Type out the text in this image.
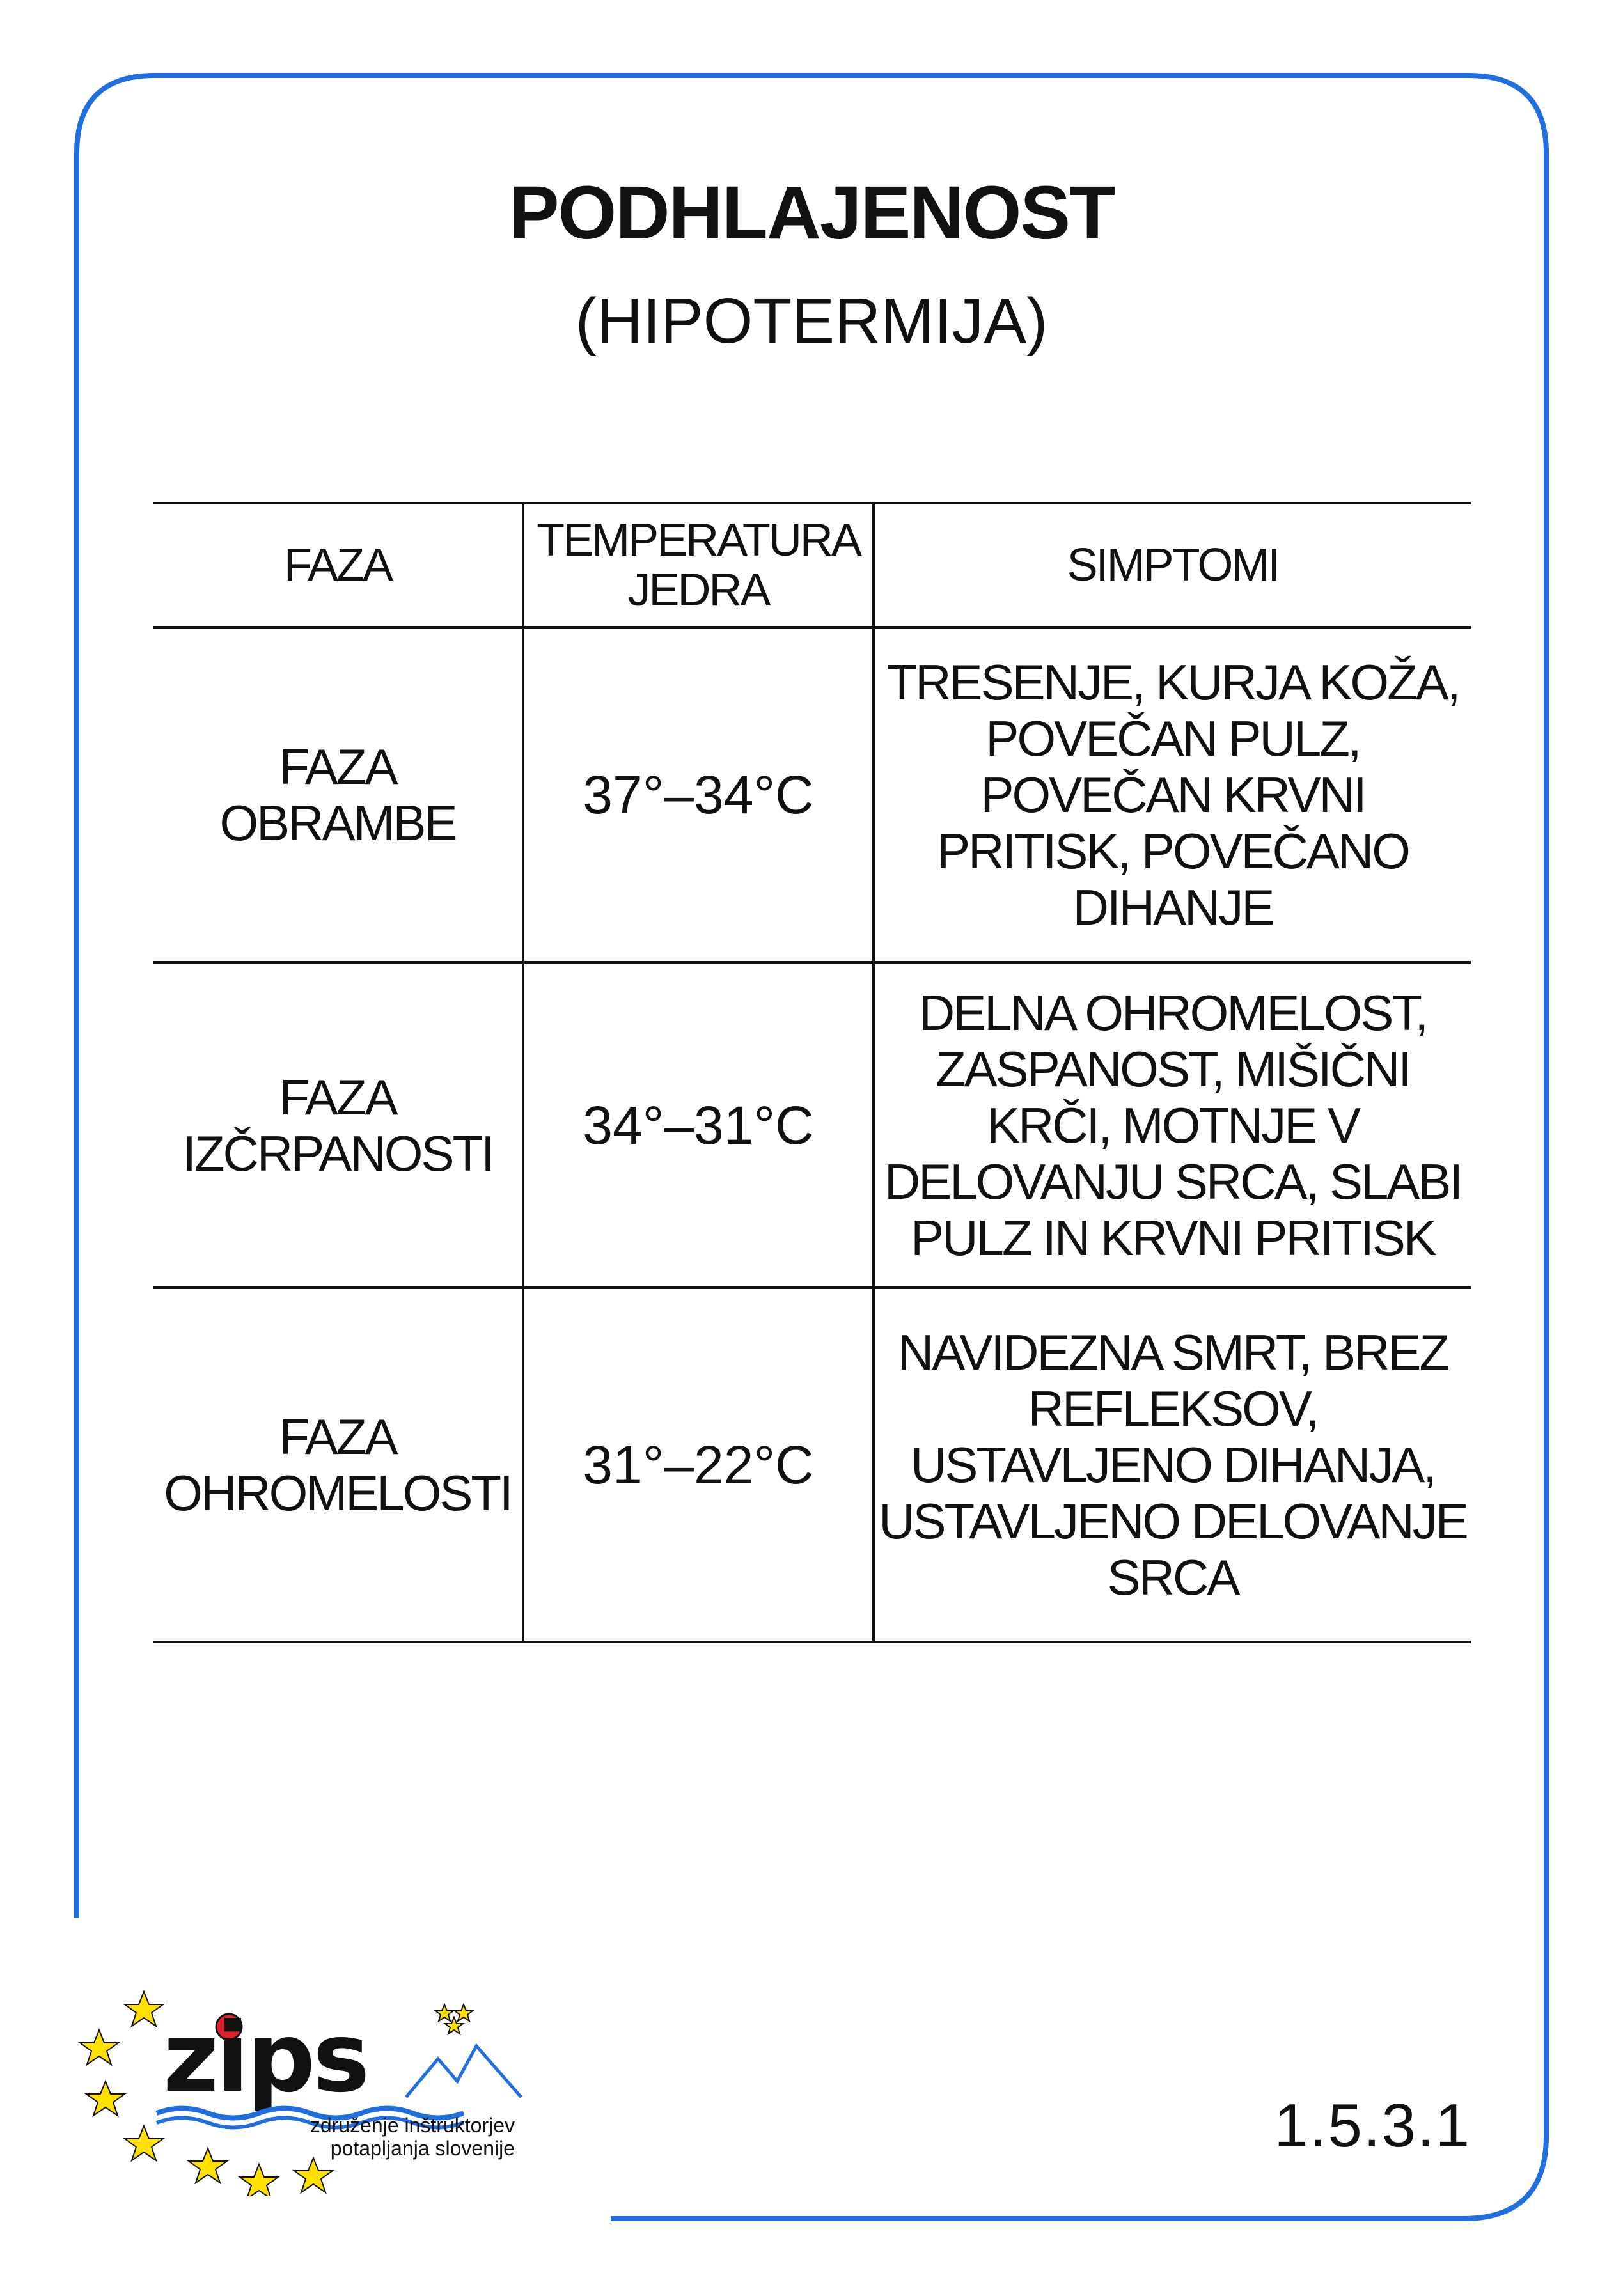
PODHLAJENOST
(HIPOTERMIJA)
FAZA	TEMPERATURA JEDRA	SIMPTOMI
FAZA OBRAMBE	37°–34°C	TRESENJE, KURJA KOŽA, POVEČAN PULZ, POVEČAN KRVNI PRITISK, POVEČANO DIHANJE
FAZA IZČRPANOSTI	34°–31°C	DELNA OHROMELOST, ZASPANOST, MIŠIČNI KRČI, MOTNJE V DELOVANJU SRCA, SLABI PULZ IN KRVNI PRITISK
FAZA OHROMELOSTI	31°–22°C	NAVIDEZNA SMRT, BREZ REFLEKSOV, USTAVLJENO DIHANJA, USTAVLJENO DELOVANJE SRCA
zips
združenje inštruktorjev
potapljanja slovenije	1.5.3.1
